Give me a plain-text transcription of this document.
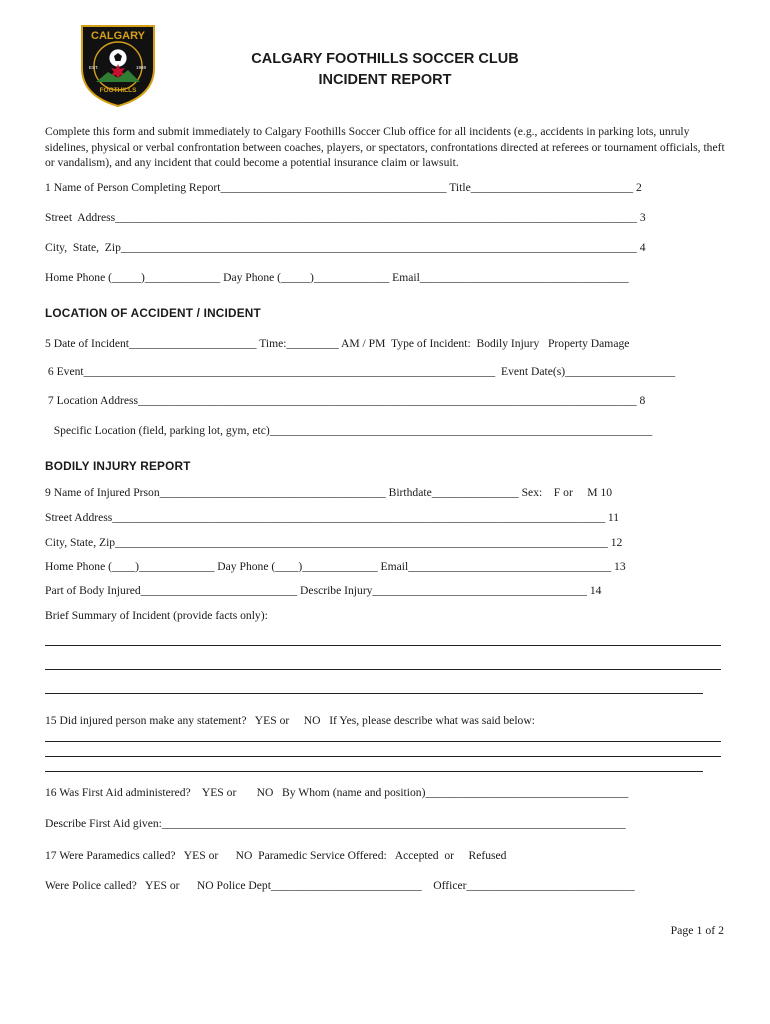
CALGARY
EST.	1969
FOOTHILLS
CALGARY FOOTHILLS SOCCER CLUB
INCIDENT REPORT
Complete this form and submit immediately to Calgary Foothills Soccer Club office for all incidents (e.g., accidents in parking lots, unruly sidelines, physical or verbal confrontation between coaches, players, or spectators, confrontations directed at referees or tournament officials, theft or vandalism), and any incident that could become a potential insurance claim or lawsuit.
1 Name of Person Completing Report_______________________________________ Title____________________________ 2
Street  Address__________________________________________________________________________________________ 3
City,  State,  Zip_________________________________________________________________________________________ 4
Home Phone (_____)_____________ Day Phone (_____)_____________ Email____________________________________
LOCATION OF ACCIDENT / INCIDENT
5 Date of Incident______________________ Time:_________ AM / PM  Type of Incident:  Bodily Injury   Property Damage
6 Event_______________________________________________________________________  Event Date(s)___________________
7 Location Address______________________________________________________________________________________ 8
Specific Location (field, parking lot, gym, etc)__________________________________________________________________
BODILY INJURY REPORT
9 Name of Injured Prson_______________________________________ Birthdate_______________ Sex:    F or     M 10
Street Address_____________________________________________________________________________________ 11
City, State, Zip_____________________________________________________________________________________ 12
Home Phone (____)_____________ Day Phone (____)_____________ Email___________________________________ 13
Part of Body Injured___________________________ Describe Injury_____________________________________ 14
Brief Summary of Incident (provide facts only):
15 Did injured person make any statement?   YES or     NO   If Yes, please describe what was said below:
16 Was First Aid administered?    YES or       NO   By Whom (name and position)___________________________________
Describe First Aid given:________________________________________________________________________________
17 Were Paramedics called?   YES or      NO  Paramedic Service Offered:   Accepted  or     Refused
Were Police called?   YES or      NO Police Dept__________________________    Officer_____________________________
Page 1 of 2
